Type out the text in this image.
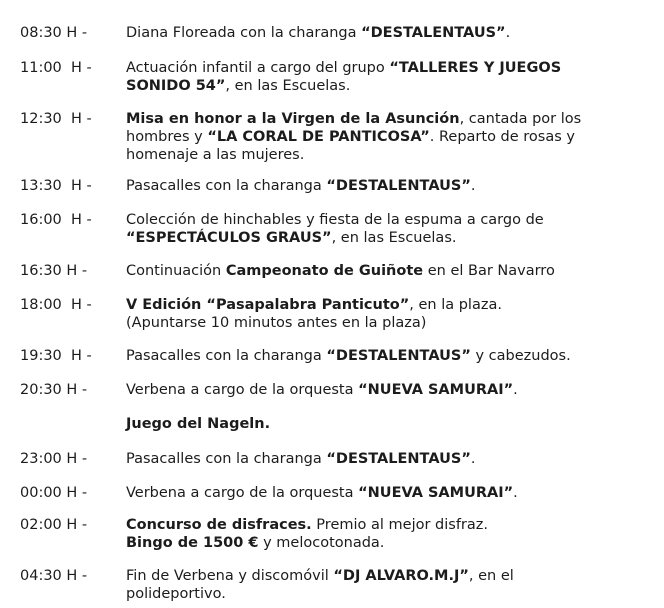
08:30 H -	Diana Floreada con la charanga “DESTALENTAUS”.
11:00  H - Actuación infantil a cargo del grupo “TALLERES Y JUEGOS
SONIDO 54”, en las Escuelas.
12:30  H - Misa en honor a la Virgen de la Asunción, cantada por los
hombres y “LA CORAL DE PANTICOSA”. Reparto de rosas y
homenaje a las mujeres.
13:30  H - Pasacalles con la charanga “DESTALENTAUS”.
16:00  H - Colección de hinchables y fiesta de la espuma a cargo de
“ESPECTÁCULOS GRAUS”, en las Escuelas.
16:30 H -	Continuación Campeonato de Guiñote en el Bar Navarro
18:00  H - V Edición “Pasapalabra Panticuto”, en la plaza.
(Apuntarse 10 minutos antes en la plaza)
19:30  H - Pasacalles con la charanga “DESTALENTAUS” y cabezudos.
20:30 H -	Verbena a cargo de la orquesta “NUEVA SAMURAI”.
Juego del Nageln.
23:00 H -	Pasacalles con la charanga “DESTALENTAUS”.
00:00 H -	Verbena a cargo de la orquesta “NUEVA SAMURAI”.
02:00 H -	Concurso de disfraces. Premio al mejor disfraz.
Bingo de 1500 € y melocotonada.
04:30 H -	Fin de Verbena y discomóvil “DJ ALVARO.M.J”, en el
polideportivo.
